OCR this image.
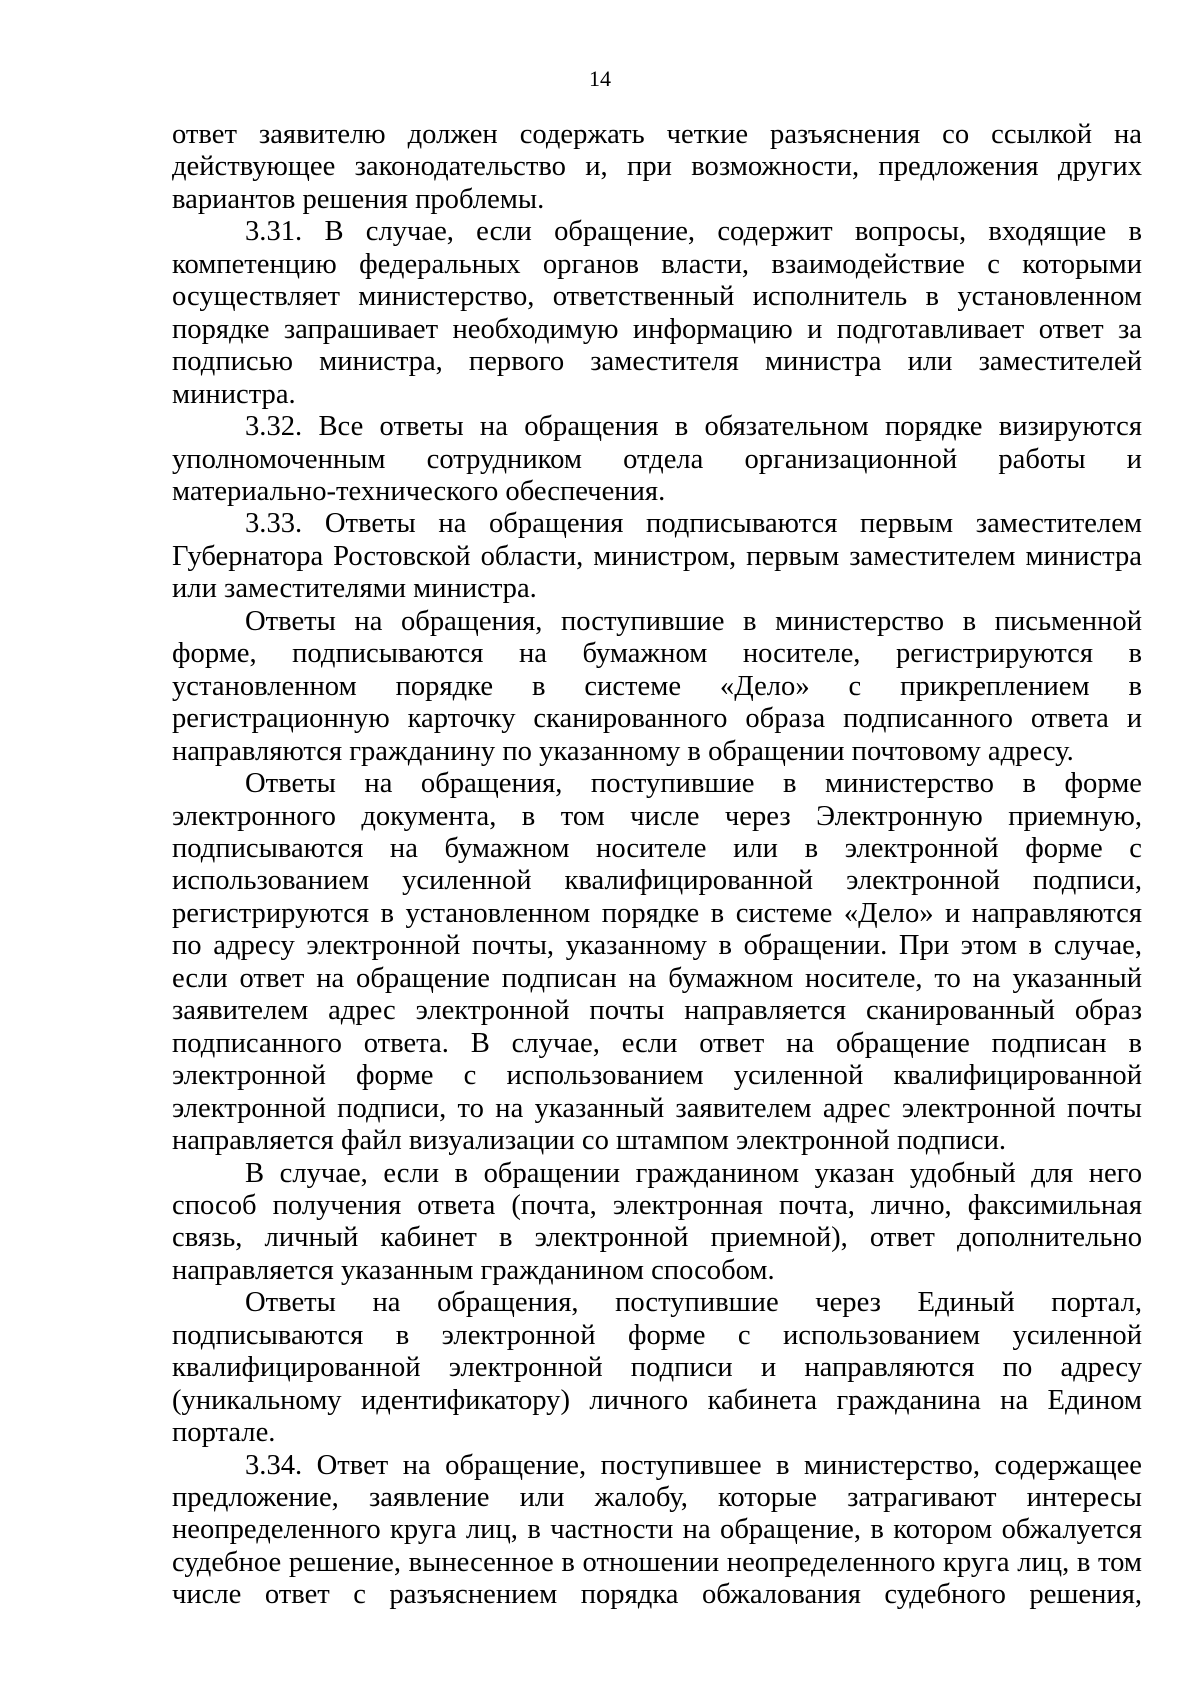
14

ответ заявителю должен содержать четкие разъяснения со ссылкой на действующее законодательство и, при возможности, предложения других вариантов решения проблемы.

3.31. В случае, если обращение, содержит вопросы, входящие в компетенцию федеральных органов власти, взаимодействие с которыми осуществляет министерство, ответственный исполнитель в установленном порядке запрашивает необходимую информацию и подготавливает ответ за подписью министра, первого заместителя министра или заместителей министра.

3.32. Все ответы на обращения в обязательном порядке визируются уполномоченным сотрудником отдела организационной работы и материально-технического обеспечения.

3.33. Ответы на обращения подписываются первым заместителем Губернатора Ростовской области, министром, первым заместителем министра или заместителями министра.

Ответы на обращения, поступившие в министерство в письменной форме, подписываются на бумажном носителе, регистрируются в установленном порядке в системе «Дело» с прикреплением в регистрационную карточку сканированного образа подписанного ответа и направляются гражданину по указанному в обращении почтовому адресу.

Ответы на обращения, поступившие в министерство в форме электронного документа, в том числе через Электронную приемную, подписываются на бумажном носителе или в электронной форме с использованием усиленной квалифицированной электронной подписи, регистрируются в установленном порядке в системе «Дело» и направляются по адресу электронной почты, указанному в обращении. При этом в случае, если ответ на обращение подписан на бумажном носителе, то на указанный заявителем адрес электронной почты направляется сканированный образ подписанного ответа. В случае, если ответ на обращение подписан в электронной форме с использованием усиленной квалифицированной электронной подписи, то на указанный заявителем адрес электронной почты направляется файл визуализации со штампом электронной подписи.

В случае, если в обращении гражданином указан удобный для него способ получения ответа (почта, электронная почта, лично, факсимильная связь, личный кабинет в электронной приемной), ответ дополнительно направляется указанным гражданином способом.

Ответы на обращения, поступившие через Единый портал, подписываются в электронной форме с использованием усиленной квалифицированной электронной подписи и направляются по адресу (уникальному идентификатору) личного кабинета гражданина на Едином портале.

3.34. Ответ на обращение, поступившее в министерство, содержащее предложение, заявление или жалобу, которые затрагивают интересы неопределенного круга лиц, в частности на обращение, в котором обжалуется судебное решение, вынесенное в отношении неопределенного круга лиц, в том числе ответ с разъяснением порядка обжалования судебного решения,
